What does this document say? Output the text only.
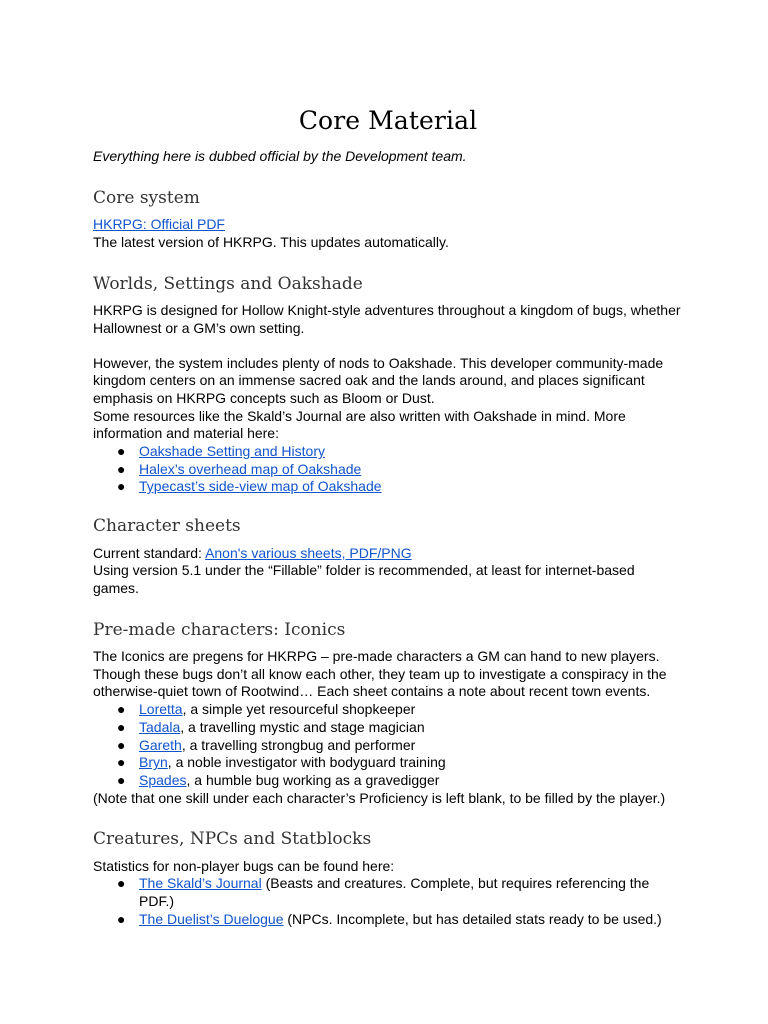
Core Material

Everything here is dubbed official by the Development team.

Core system

HKRPG: Official PDF

The latest version of HKRPG. This updates automatically.

Worlds, Settings and Oakshade

HKRPG is designed for Hollow Knight-style adventures throughout a kingdom of bugs, whether Hallownest or a GM’s own setting.

However, the system includes plenty of nods to Oakshade. This developer community-made kingdom centers on an immense sacred oak and the lands around, and places significant emphasis on HKRPG concepts such as Bloom or Dust.

Some resources like the Skald’s Journal are also written with Oakshade in mind. More information and material here:

● Oakshade Setting and History
● Halex’s overhead map of Oakshade
● Typecast’s side-view map of Oakshade
Character sheets

Current standard: Anon's various sheets, PDF/PNG

Using version 5.1 under the “Fillable” folder is recommended, at least for internet-based games.

Pre-made characters: Iconics

The Iconics are pregens for HKRPG – pre-made characters a GM can hand to new players. Though these bugs don’t all know each other, they team up to investigate a conspiracy in the otherwise-quiet town of Rootwind… Each sheet contains a note about recent town events.

● Loretta, a simple yet resourceful shopkeeper
● Tadala, a travelling mystic and stage magician
● Gareth, a travelling strongbug and performer
● Bryn, a noble investigator with bodyguard training
● Spades, a humble bug working as a gravedigger

(Note that one skill under each character’s Proficiency is left blank, to be filled by the player.)

Creatures, NPCs and Statblocks

Statistics for non-player bugs can be found here:

● The Skald’s Journal (Beasts and creatures. Complete, but requires referencing the PDF.)
● The Duelist’s Duelogue (NPCs. Incomplete, but has detailed stats ready to be used.)
